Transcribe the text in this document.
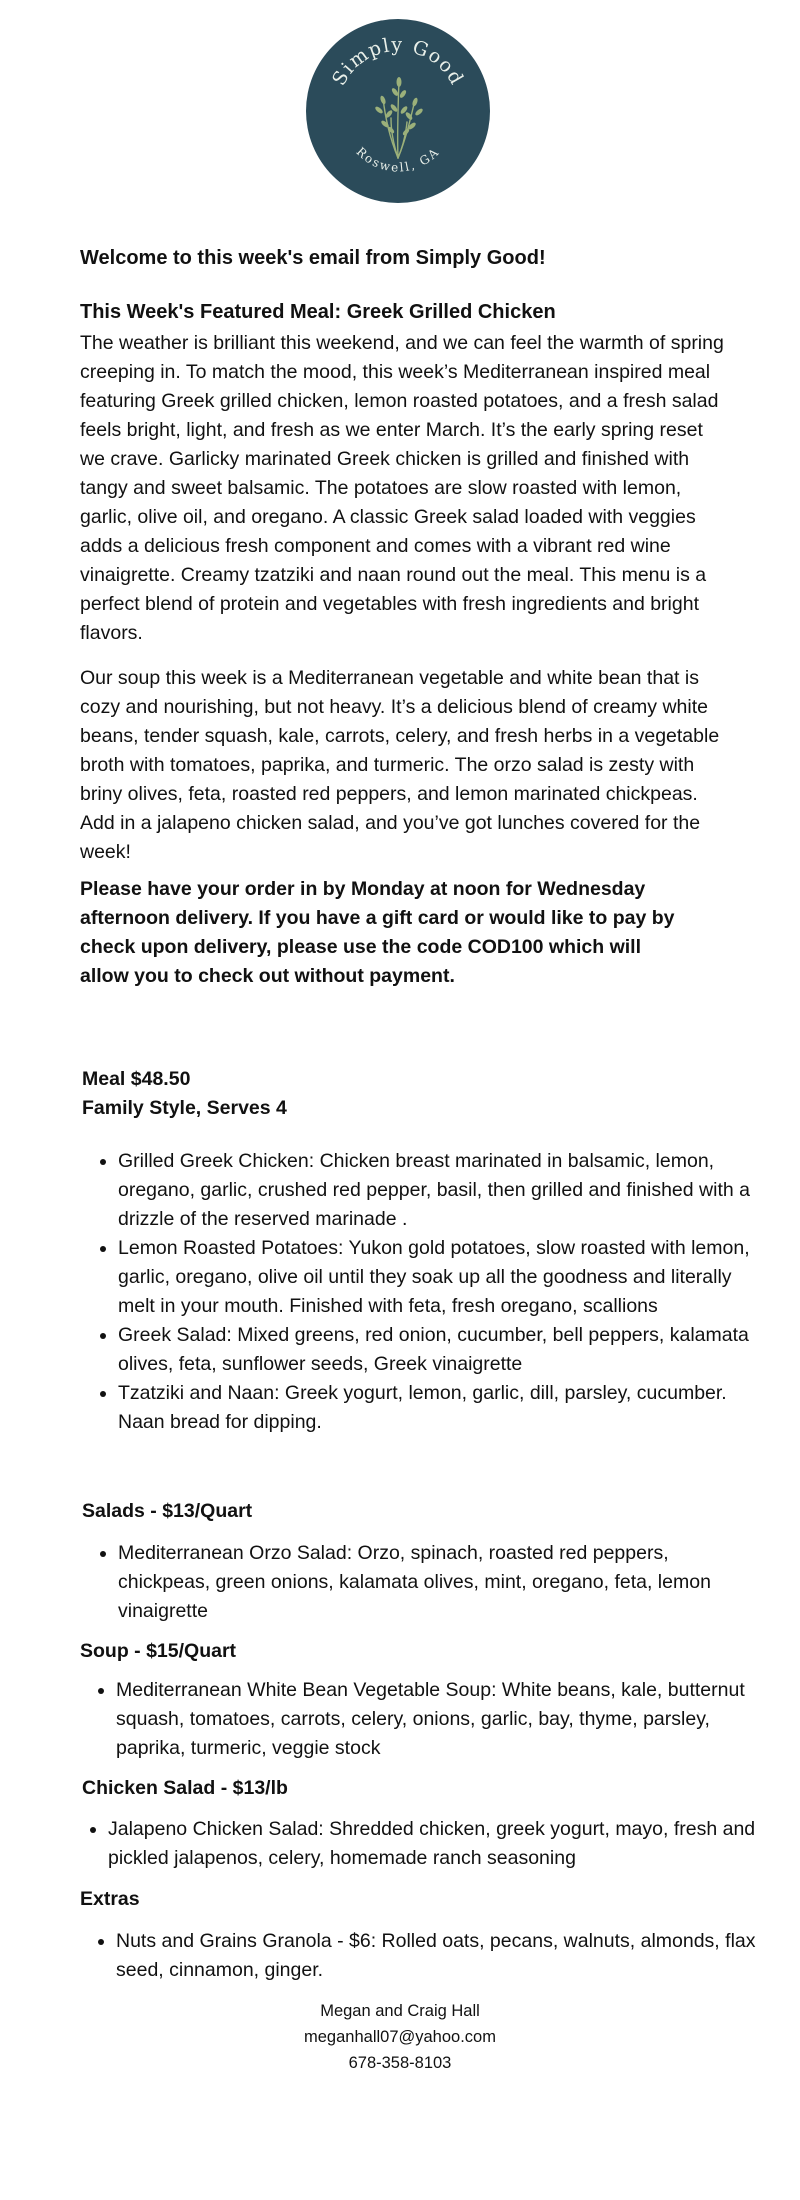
Simply Good
Roswell, GA

Welcome to this week's email from Simply Good!

This Week's Featured Meal: Greek Grilled Chicken

The weather is brilliant this weekend, and we can feel the warmth of spring creeping in. To match the mood, this week’s Mediterranean inspired meal featuring Greek grilled chicken, lemon roasted potatoes, and a fresh salad feels bright, light, and fresh as we enter March. It’s the early spring reset we crave. Garlicky marinated Greek chicken is grilled and finished with tangy and sweet balsamic. The potatoes are slow roasted with lemon, garlic, olive oil, and oregano. A classic Greek salad loaded with veggies adds a delicious fresh component and comes with a vibrant red wine vinaigrette. Creamy tzatziki and naan round out the meal. This menu is a perfect blend of protein and vegetables with fresh ingredients and bright flavors.

Our soup this week is a Mediterranean vegetable and white bean that is cozy and nourishing, but not heavy. It’s a delicious blend of creamy white beans, tender squash, kale, carrots, celery, and fresh herbs in a vegetable broth with tomatoes, paprika, and turmeric. The orzo salad is zesty with briny olives, feta, roasted red peppers, and lemon marinated chickpeas. Add in a jalapeno chicken salad, and you’ve got lunches covered for the week!

Please have your order in by Monday at noon for Wednesday afternoon delivery. If you have a gift card or would like to pay by check upon delivery, please use the code COD100 which will allow you to check out without payment.

Meal $48.50

Family Style, Serves 4

• Grilled Greek Chicken: Chicken breast marinated in balsamic, lemon, oregano, garlic, crushed red pepper, basil, then grilled and finished with a drizzle of the reserved marinade .
• Lemon Roasted Potatoes: Yukon gold potatoes, slow roasted with lemon, garlic, oregano, olive oil until they soak up all the goodness and literally melt in your mouth. Finished with feta, fresh oregano, scallions
• Greek Salad: Mixed greens, red onion, cucumber, bell peppers, kalamata olives, feta, sunflower seeds, Greek vinaigrette
• Tzatziki and Naan: Greek yogurt, lemon, garlic, dill, parsley, cucumber. Naan bread for dipping.

Salads - $13/Quart

• Mediterranean Orzo Salad: Orzo, spinach, roasted red peppers, chickpeas, green onions, kalamata olives, mint, oregano, feta, lemon vinaigrette

Soup - $15/Quart

• Mediterranean White Bean Vegetable Soup: White beans, kale, butternut squash, tomatoes, carrots, celery, onions, garlic, bay, thyme, parsley, paprika, turmeric, veggie stock

Chicken Salad - $13/lb

• Jalapeno Chicken Salad: Shredded chicken, greek yogurt, mayo, fresh and pickled jalapenos, celery, homemade ranch seasoning

Extras

• Nuts and Grains Granola - $6: Rolled oats, pecans, walnuts, almonds, flax seed, cinnamon, ginger.
Megan and Craig Hall
meganhall07@yahoo.com
678-358-8103
